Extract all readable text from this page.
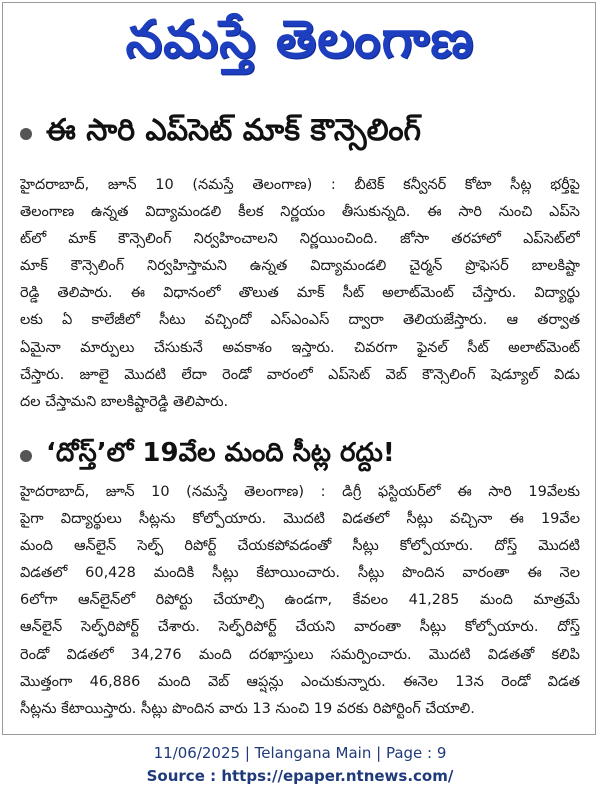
నమస్తే తెలంగాణ
ఈ సారి ఎప్‌సెట్ మాక్ కౌన్సెలింగ్
హైదరాబాద్, జూన్ 10 (నమస్తే తెలంగాణ) : బీటెక్ కన్వీనర్ కోటా సీట్ల భర్తీపై
తెలంగాణ ఉన్నత విద్యామండలి కీలక నిర్ణయం తీసుకున్నది. ఈ సారి నుంచి ఎప్‌సె
ట్‌లో మాక్ కౌన్సెలింగ్ నిర్వహించాలని నిర్ణయించింది. జోసా తరహాలో ఎప్‌సెట్‌లో
మాక్ కౌన్సెలింగ్ నిర్వహిస్తామని ఉన్నత విద్యామండలి చైర్మన్ ప్రొఫెసర్ బాలకిష్టా
రెడ్డి తెలిపారు. ఈ విధానంలో తొలుత మాక్ సీట్ అలాట్‌మెంట్ చేస్తారు. విద్యార్థు
లకు ఏ కాలేజీలో సీటు వచ్చిందో ఎస్ఎంఎస్ ద్వారా తెలియజేస్తారు. ఆ తర్వాత
ఏమైనా మార్పులు చేసుకునే అవకాశం ఇస్తారు. చివరగా ఫైనల్ సీట్ అలాట్‌మెంట్
చేస్తారు. జూలై మొదటి లేదా రెండో వారంలో ఎప్‌సెట్ వెబ్ కౌన్సెలింగ్ షెడ్యూల్ విడు
దల చేస్తామని బాలకిష్టారెడ్డి తెలిపారు.
‘దోస్త్’లో 19వేల మంది సీట్ల రద్దు!
హైదరాబాద్, జూన్ 10 (నమస్తే తెలంగాణ) : డిగ్రీ ఫస్టియర్‌లో ఈ సారి 19వేలకు
పైగా విద్యార్థులు సీట్లను కోల్పోయారు. మొదటి విడతలో సీట్లు వచ్చినా ఈ 19వేల
మంది ఆన్‌లైన్ సెల్ఫ్ రిపోర్ట్ చేయకపోవడంతో సీట్లు కోల్పోయారు. దోస్త్ మొదటి
విడతలో 60,428 మందికి సీట్లు కేటాయించారు. సీట్లు పొందిన వారంతా ఈ నెల
6లోగా ఆన్‌లైన్‌లో రిపోర్టు చేయాల్సి ఉండగా, కేవలం 41,285 మంది మాత్రమే
ఆన్‌లైన్ సెల్ఫ్‌రిపోర్ట్ చేశారు. సెల్ఫ్‌రిపోర్ట్ చేయని వారంతా సీట్లు కోల్పోయారు. దోస్త్
రెండో విడతలో 34,276 మంది దరఖాస్తులు సమర్పించారు. మొదటి విడతతో కలిపి
మొత్తంగా 46,886 మంది వెబ్ ఆప్షన్లు ఎంచుకున్నారు. ఈనెల 13న రెండో విడత
సీట్లను కేటాయిస్తారు. సీట్లు పొందిన వారు 13 నుంచి 19 వరకు రిపోర్టింగ్ చేయాలి.
11/06/2025 | Telangana Main | Page : 9
Source : https://epaper.ntnews.com/
